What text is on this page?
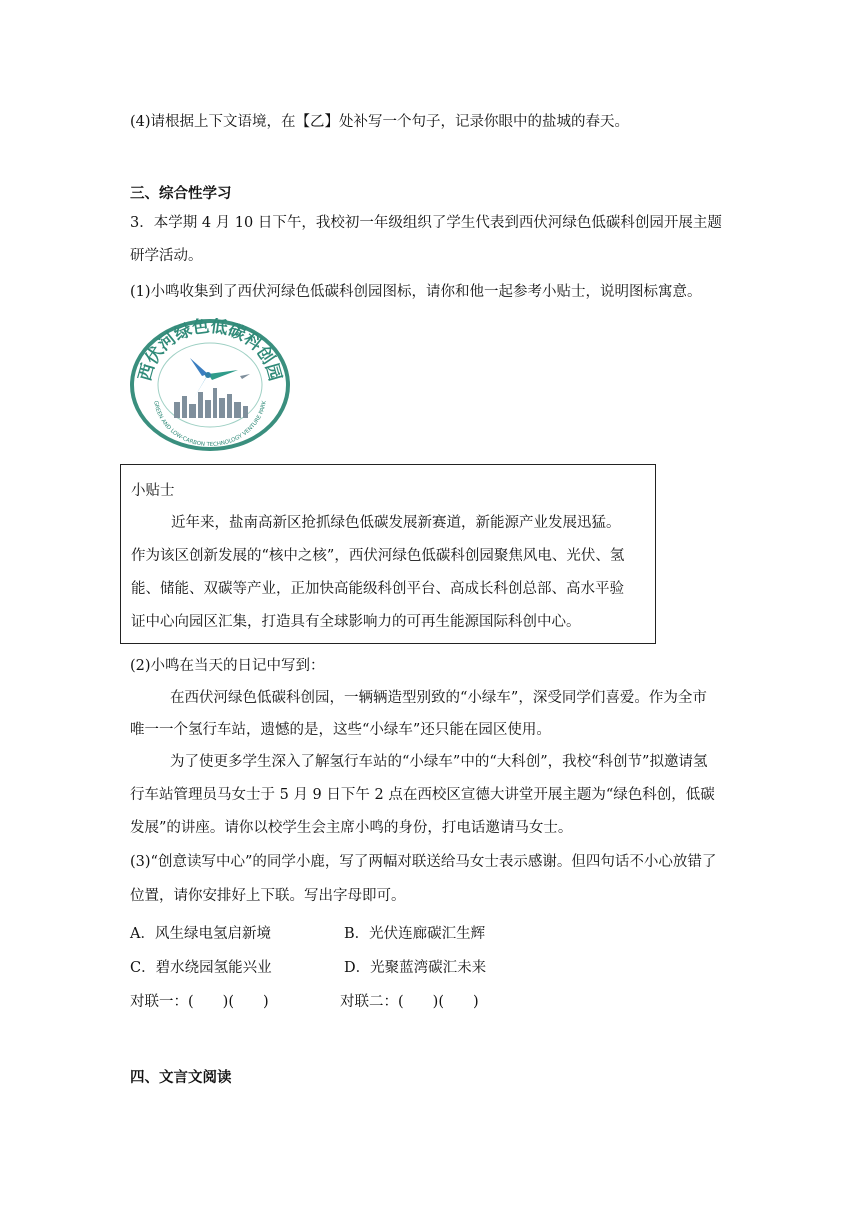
(4)请根据上下文语境，在【乙】处补写一个句子，记录你眼中的盐城的春天。
三、综合性学习
3．本学期 4 月 10 日下午，我校初一年级组织了学生代表到西伏河绿色低碳科创园开展主题
研学活动。
(1)小鸣收集到了西伏河绿色低碳科创园图标，请你和他一起参考小贴士，说明图标寓意。
西伏河绿色低碳科创园
GREEN AND LOW-CARBON TECHNOLOGY VENTURE PARK
小贴士
近年来，盐南高新区抢抓绿色低碳发展新赛道，新能源产业发展迅猛。
作为该区创新发展的“核中之核”，西伏河绿色低碳科创园聚焦风电、光伏、氢
能、储能、双碳等产业，正加快高能级科创平台、高成长科创总部、高水平验
证中心向园区汇集，打造具有全球影响力的可再生能源国际科创中心。
(2)小鸣在当天的日记中写到：
在西伏河绿色低碳科创园，一辆辆造型别致的“小绿车”，深受同学们喜爱。作为全市
唯一一个氢行车站，遗憾的是，这些“小绿车”还只能在园区使用。
为了使更多学生深入了解氢行车站的“小绿车”中的“大科创”，我校“科创节”拟邀请氢
行车站管理员马女士于 5 月 9 日下午 2 点在西校区宣德大讲堂开展主题为“绿色科创，低碳
发展”的讲座。请你以校学生会主席小鸣的身份，打电话邀请马女士。
(3)“创意读写中心”的同学小鹿，写了两幅对联送给马女士表示感谢。但四句话不小心放错了
位置，请你安排好上下联。写出字母即可。
A．风生绿电氢启新境	B．光伏连廊碳汇生辉
C．碧水绕园氢能兴业	D．光聚蓝湾碳汇未来
对联一：(　　)(　　)	对联二：(　　)(　　)
四、文言文阅读
